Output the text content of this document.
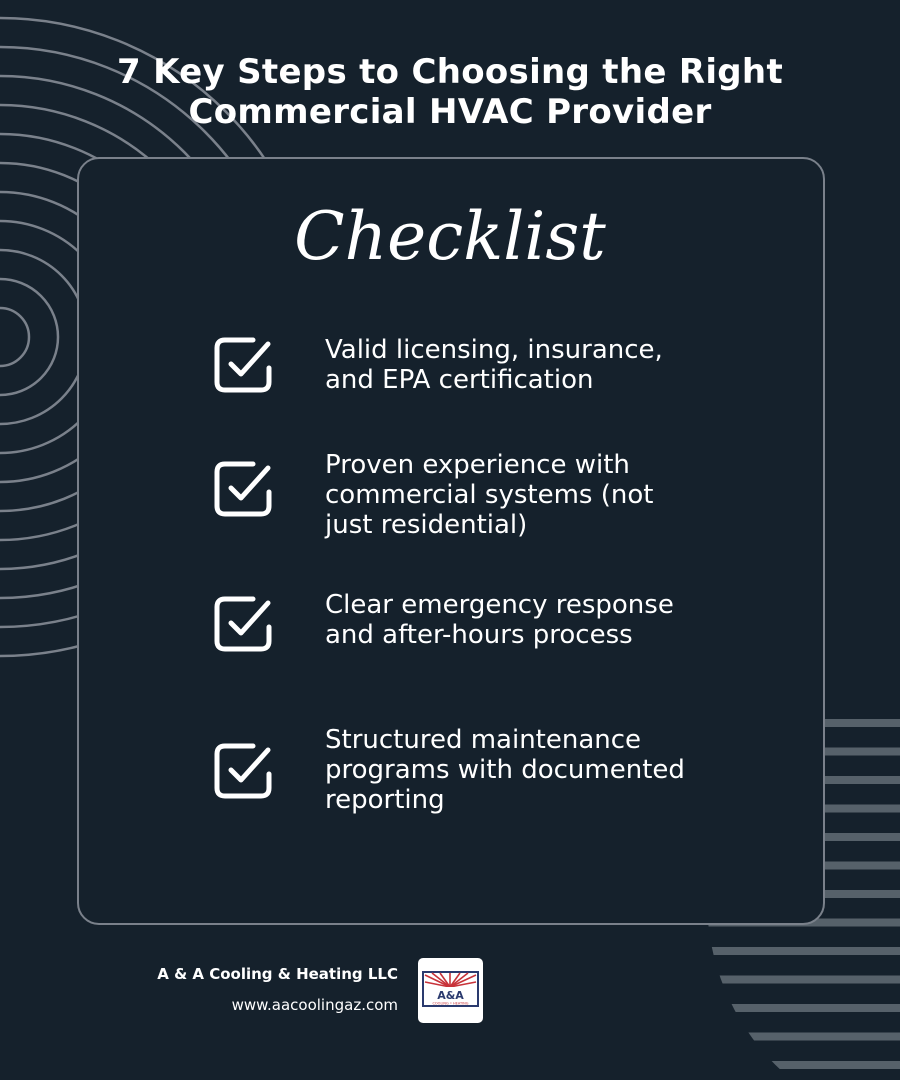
7 Key Steps to Choosing the Right
Commercial HVAC Provider
Checklist
Valid licensing, insurance,
and EPA certification
Proven experience with
commercial systems (not
just residential)
Clear emergency response
and after-hours process
Structured maintenance
programs with documented
reporting
A & A Cooling & Heating LLC
www.aacoolingaz.com
A&A
COOLING • HEATING
